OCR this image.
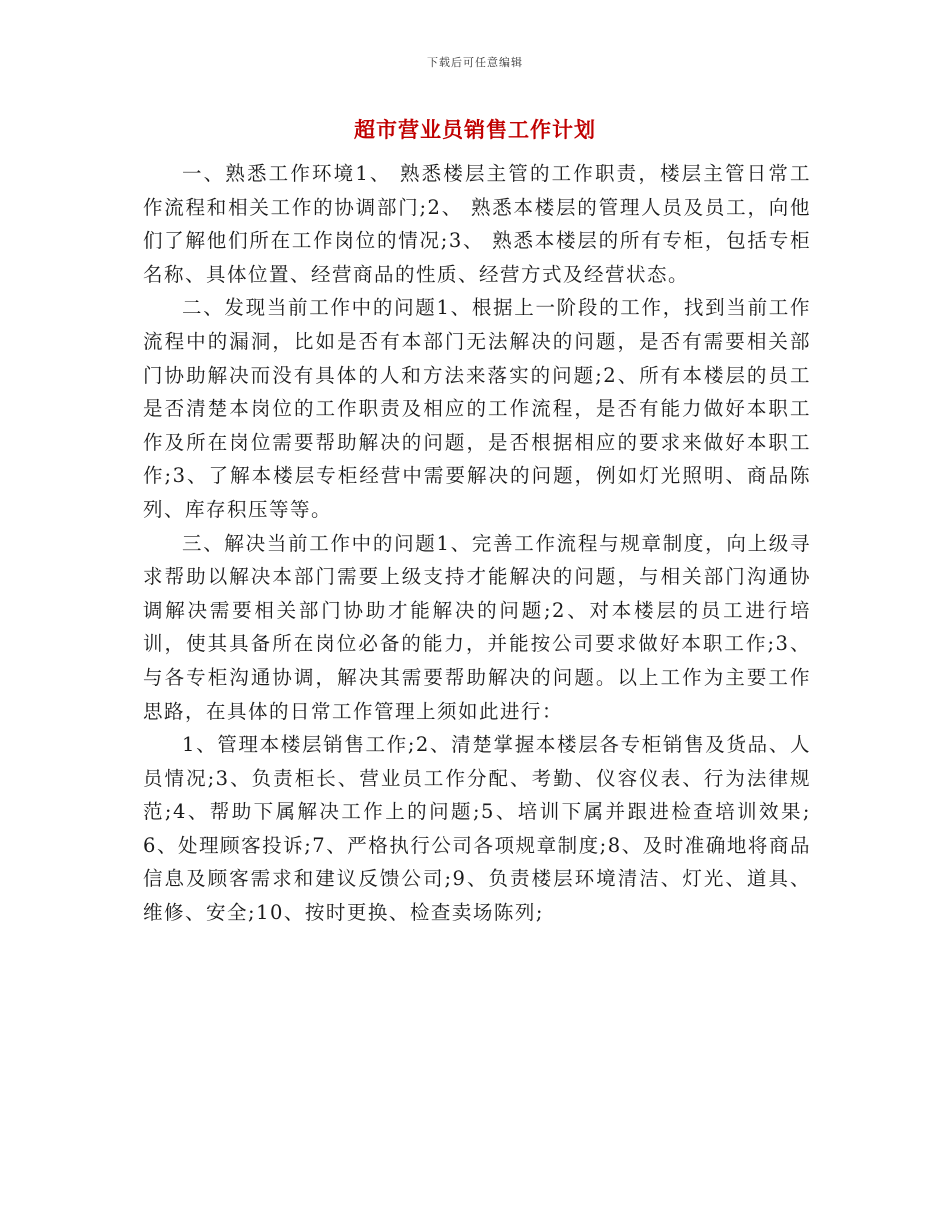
下载后可任意编辑
超市营业员销售工作计划

一、熟悉工作环境1、 熟悉楼层主管的工作职责，楼层主管日常工作流程和相关工作的协调部门;2、 熟悉本楼层的管理人员及员工，向他们了解他们所在工作岗位的情况;3、 熟悉本楼层的所有专柜，包括专柜名称、具体位置、经营商品的性质、经营方式及经营状态。

二、发现当前工作中的问题1、根据上一阶段的工作，找到当前工作流程中的漏洞，比如是否有本部门无法解决的问题，是否有需要相关部门协助解决而没有具体的人和方法来落实的问题;2、所有本楼层的员工是否清楚本岗位的工作职责及相应的工作流程，是否有能力做好本职工作及所在岗位需要帮助解决的问题，是否根据相应的要求来做好本职工作;3、了解本楼层专柜经营中需要解决的问题，例如灯光照明、商品陈列、库存积压等等。

三、解决当前工作中的问题1、完善工作流程与规章制度，向上级寻求帮助以解决本部门需要上级支持才能解决的问题，与相关部门沟通协调解决需要相关部门协助才能解决的问题;2、对本楼层的员工进行培训，使其具备所在岗位必备的能力，并能按公司要求做好本职工作;3、与各专柜沟通协调，解决其需要帮助解决的问题。以上工作为主要工作思路，在具体的日常工作管理上须如此进行：

1、管理本楼层销售工作;2、清楚掌握本楼层各专柜销售及货品、人员情况;3、负责柜长、营业员工作分配、考勤、仪容仪表、行为法律规范;4、帮助下属解决工作上的问题;5、培训下属并跟进检查培训效果;6、处理顾客投诉;7、严格执行公司各项规章制度;8、及时准确地将商品信息及顾客需求和建议反馈公司;9、负责楼层环境清洁、灯光、道具、维修、安全;10、按时更换、检查卖场陈列;
